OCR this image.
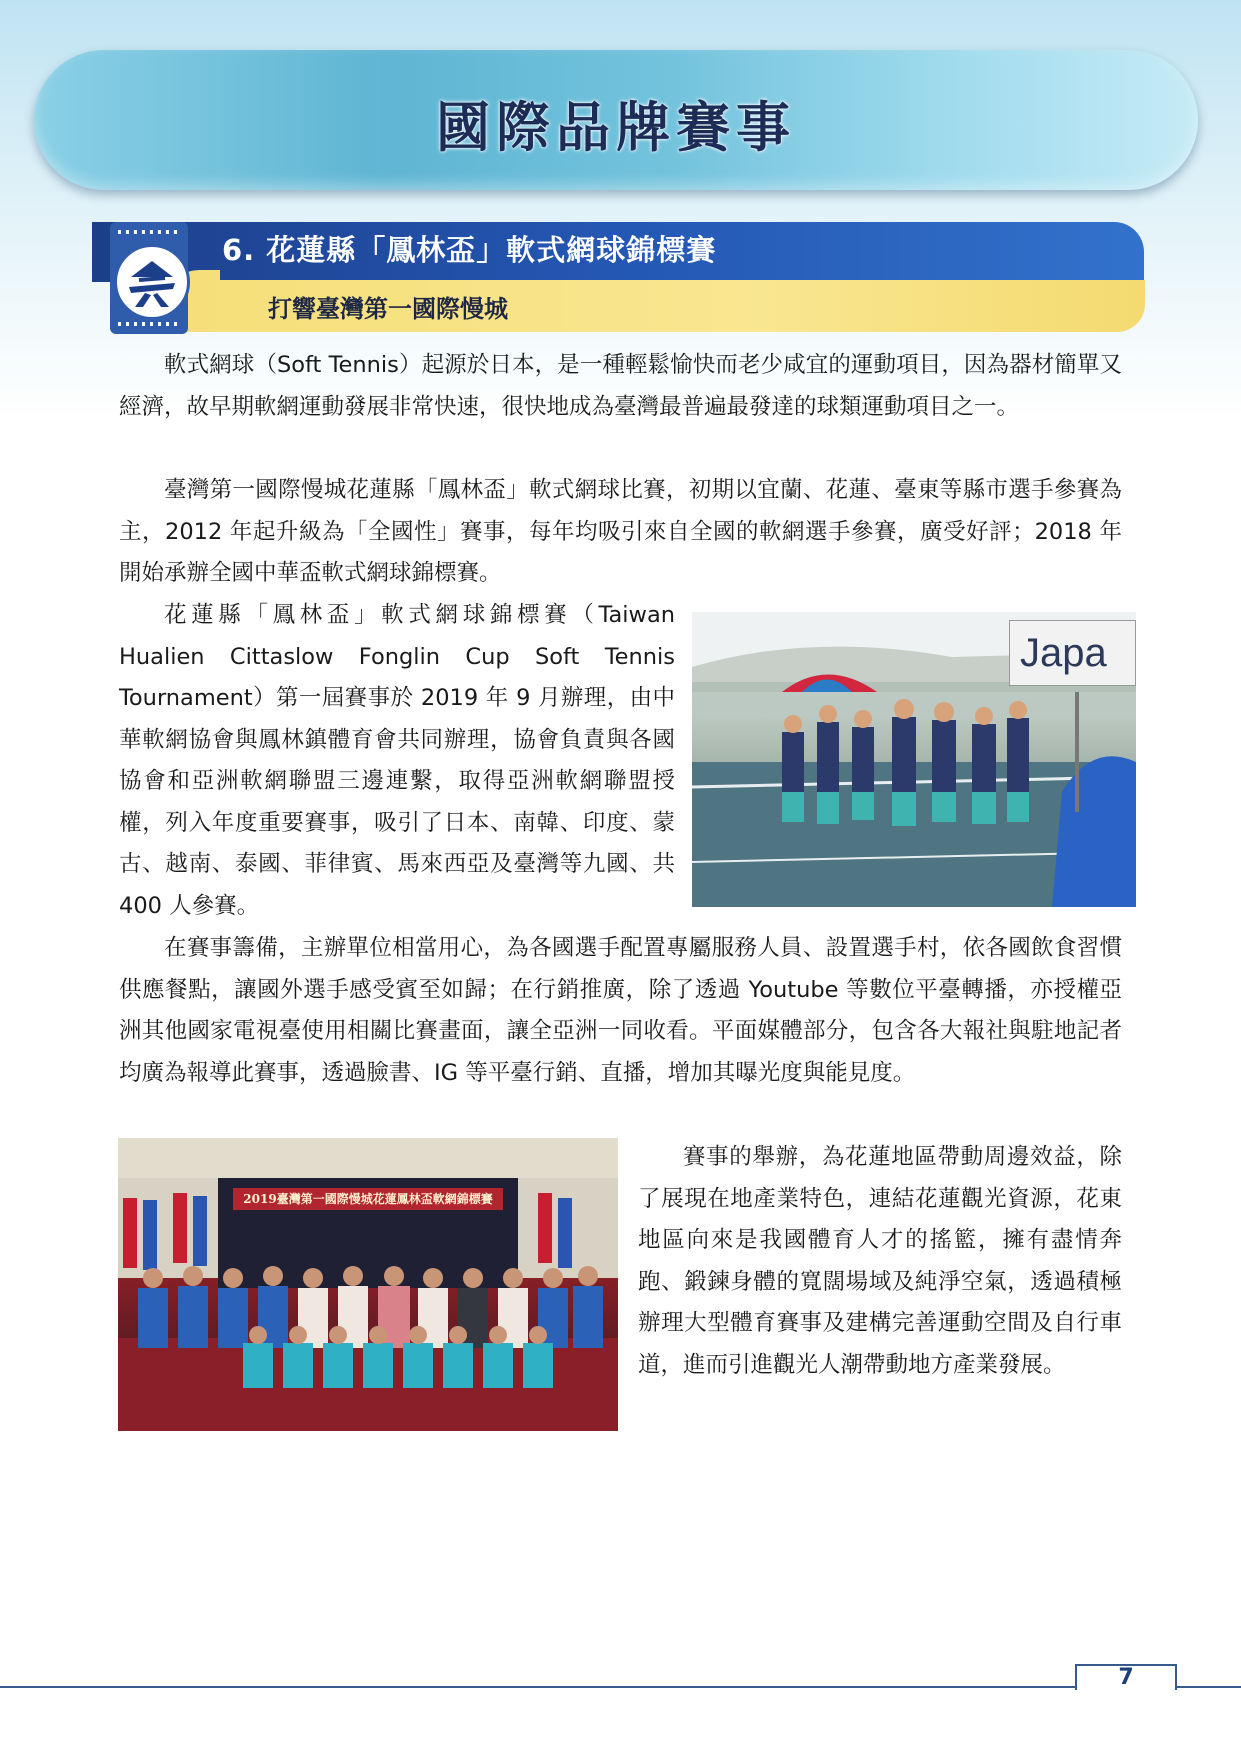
國際品牌賽事
6. 花蓮縣「鳳林盃」軟式網球錦標賽
打響臺灣第一國際慢城
軟式網球（Soft Tennis）起源於日本，是一種輕鬆愉快而老少咸宜的運動項目，因為器材簡單又經濟，故早期軟網運動發展非常快速，很快地成為臺灣最普遍最發達的球類運動項目之一。
臺灣第一國際慢城花蓮縣「鳳林盃」軟式網球比賽，初期以宜蘭、花蓮、臺東等縣市選手參賽為主，2012 年起升級為「全國性」賽事，每年均吸引來自全國的軟網選手參賽，廣受好評；2018 年開始承辦全國中華盃軟式網球錦標賽。
花蓮縣「鳳林盃」軟式網球錦標賽（Taiwan Hualien Cittaslow Fonglin Cup Soft Tennis Tournament）第一屆賽事於 2019 年 9 月辦理，由中華軟網協會與鳳林鎮體育會共同辦理，協會負責與各國協會和亞洲軟網聯盟三邊連繫，取得亞洲軟網聯盟授權，列入年度重要賽事，吸引了日本、南韓、印度、蒙古、越南、泰國、菲律賓、馬來西亞及臺灣等九國、共 400 人參賽。
Japa
在賽事籌備，主辦單位相當用心，為各國選手配置專屬服務人員、設置選手村，依各國飲食習慣供應餐點，讓國外選手感受賓至如歸；在行銷推廣，除了透過 Youtube 等數位平臺轉播，亦授權亞洲其他國家電視臺使用相關比賽畫面，讓全亞洲一同收看。平面媒體部分，包含各大報社與駐地記者均廣為報導此賽事，透過臉書、IG 等平臺行銷、直播，增加其曝光度與能見度。
2019臺灣第一國際慢城花蓮鳳林盃軟網錦標賽
賽事的舉辦，為花蓮地區帶動周邊效益，除了展現在地產業特色，連結花蓮觀光資源，花東地區向來是我國體育人才的搖籃，擁有盡情奔跑、鍛鍊身體的寬闊場域及純淨空氣，透過積極辦理大型體育賽事及建構完善運動空間及自行車道，進而引進觀光人潮帶動地方產業發展。
7
